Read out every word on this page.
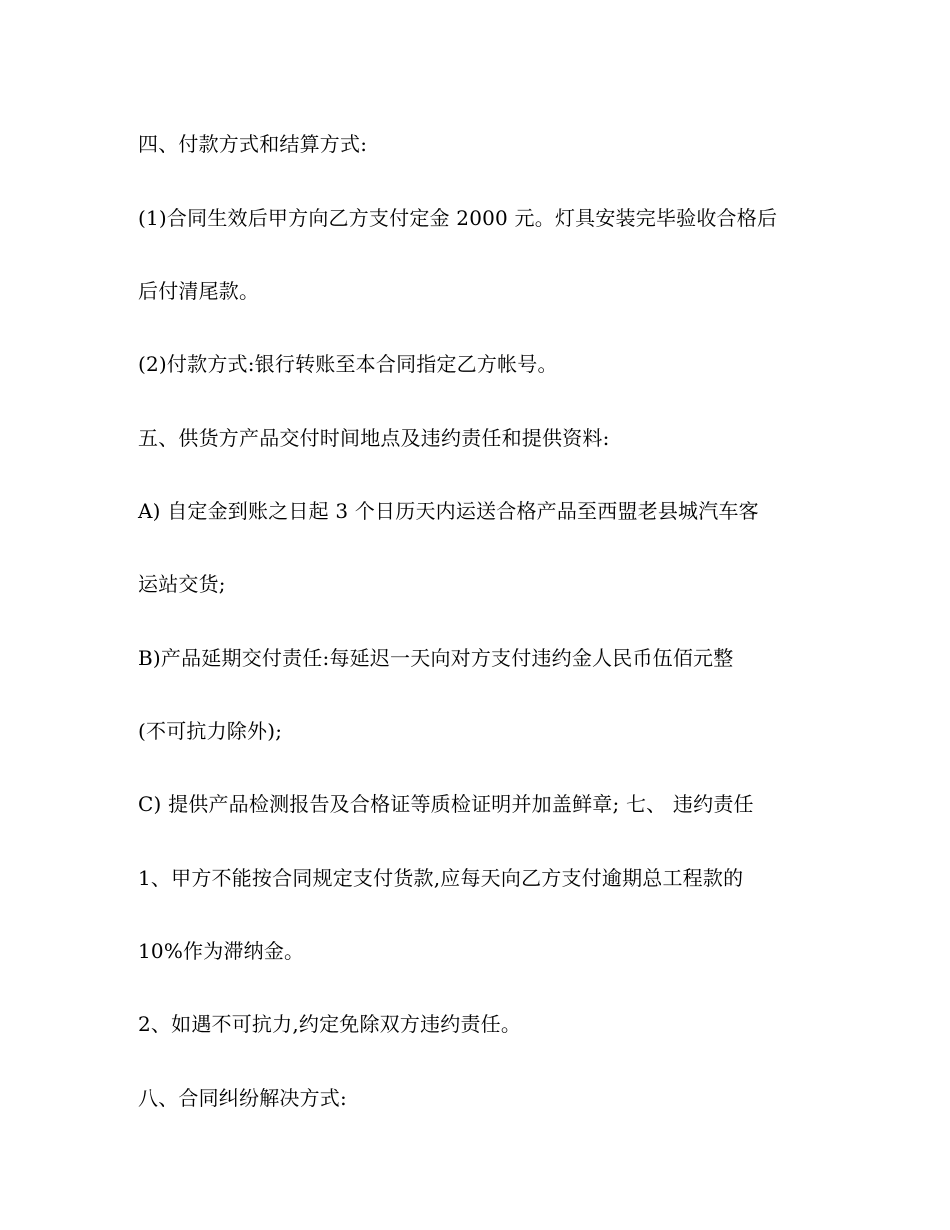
四、付款方式和结算方式:
(1)合同生效后甲方向乙方支付定金 2000 元。灯具安装完毕验收合格后
后付清尾款。
(2)付款方式:银行转账至本合同指定乙方帐号。
五、供货方产品交付时间地点及违约责任和提供资料:
A) 自定金到账之日起 3 个日历天内运送合格产品至西盟老县城汽车客
运站交货;
B)产品延期交付责任:每延迟一天向对方支付违约金人民币伍佰元整
(不可抗力除外);
C) 提供产品检测报告及合格证等质检证明并加盖鲜章; 七、 违约责任
1、甲方不能按合同规定支付货款,应每天向乙方支付逾期总工程款的
10%作为滞纳金。
2、如遇不可抗力,约定免除双方违约责任。
八、合同纠纷解决方式:
